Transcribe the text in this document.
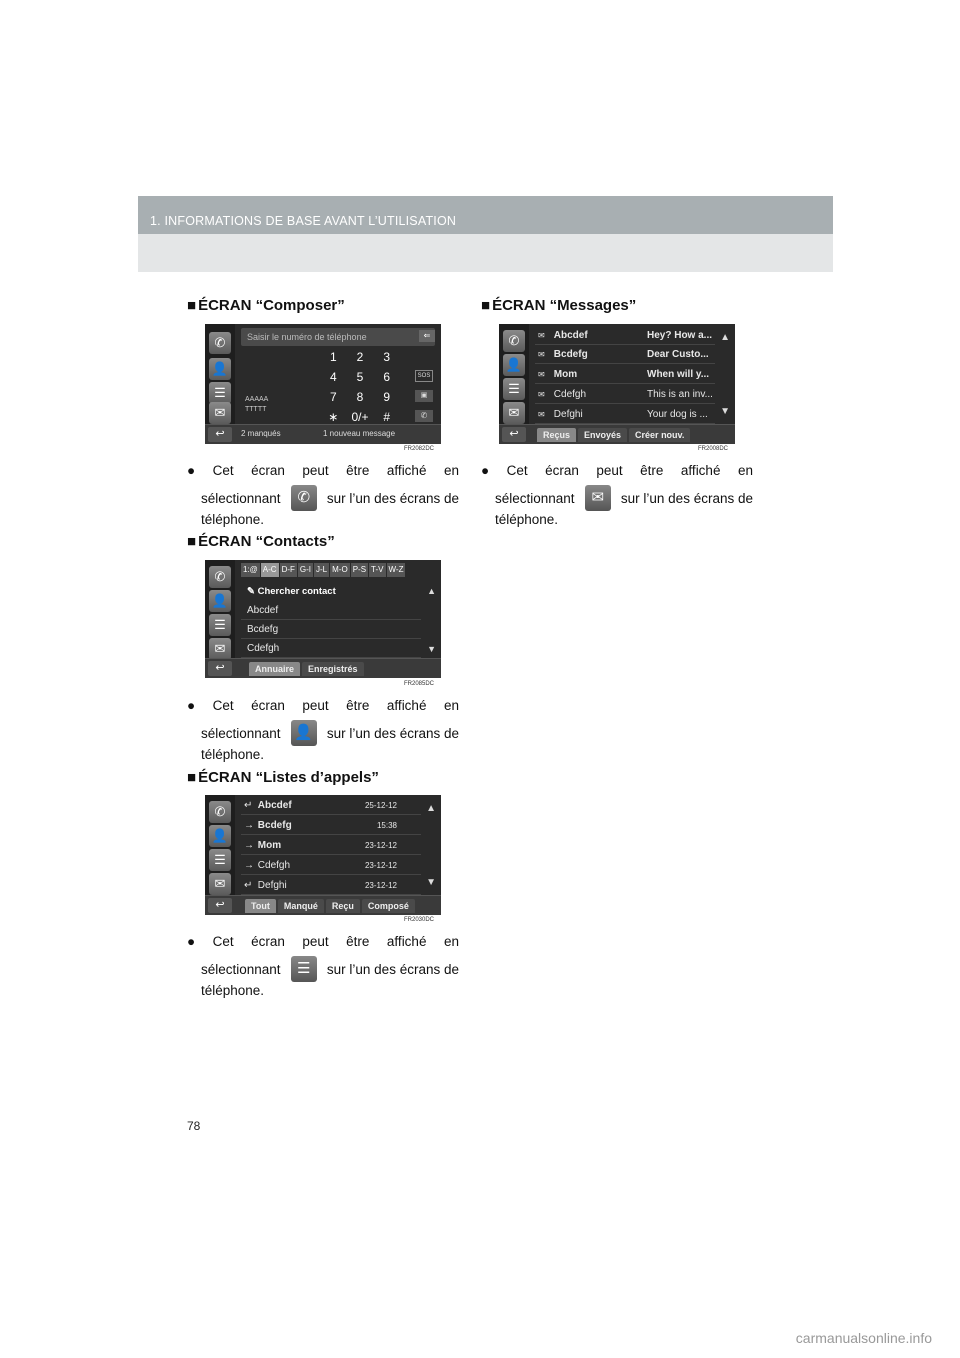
1. INFORMATIONS DE BASE AVANT L’UTILISATION
■ ÉCRAN “Composer”
✆
👤
☰
✉
Saisir le numéro de téléphone	⇐
AAAAA
TTTTT
1	2	3
4	5	6
7	8	9
∗	0/+	#
SOS
▣
✆
↩	2 manqués	1 nouveau message
FR2082DC
● Cet écran peut être affiché en
sélectionnant	✆	sur l’un des écrans de
téléphone.
■ ÉCRAN “Contacts”
✆
👤
☰
✉
1:@ A-C D-F G-I J-L M-O P-S T-V W-Z
✎ Chercher contact
Abcdef
Bcdefg
Cdefgh
▲
▼
↩	Annuaire	Enregistrés
FR2085DC
● Cet écran peut être affiché en
sélectionnant 👤 sur l’un des écrans de
téléphone.
■ ÉCRAN “Listes d’appels”
✆
👤
☰
✉
↵ Abcdef	25-12-12
→ Bcdefg	15:38
→ Mom	23-12-12
→ Cdefgh	23-12-12
↵ Defghi	23-12-12
▲
▼
↩	Tout	Manqué	Reçu	Composé
FR2030DC
● Cet écran peut être affiché en
sélectionnant	☰	sur l’un des écrans de
téléphone.
■ ÉCRAN “Messages”
✆
👤
☰
✉
✉ Abcdef	Hey? How a...
✉ Bcdefg	Dear Custo...
✉ Mom	When will y...
✉ Cdefgh	This is an inv...
✉ Defghi	Your dog is ...
▲
▼
↩	Reçus	Envoyés	Créer nouv.
FR2008DC
● Cet écran peut être affiché en
sélectionnant	✉	sur l’un des écrans de
téléphone.
78
carmanualsonline.info
